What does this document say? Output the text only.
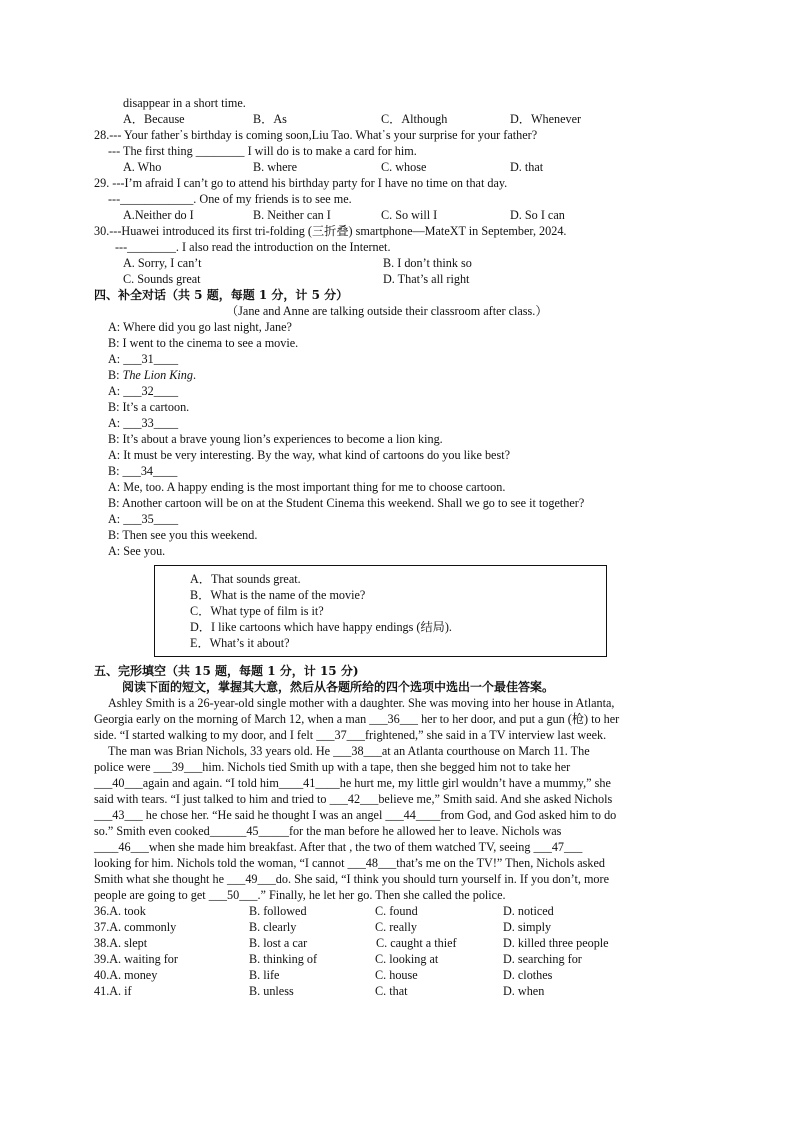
disappear in a short time.
A．Because	B．As	C．Although	D．Whenever
28.--- Your father᾽s birthday is coming soon,Liu Tao. What᾽s your surprise for your father?
--- The first thing ________ I will do is to make a card for him.
A. Who	B. where	C. whose	D. that
29. ---I’m afraid I can’t go to attend his birthday party for I have no time on that day.
---____________. One of my friends is to see me.
A.Neither do I	B. Neither can I	C. So will I	D. So I can
30.---Huawei introduced its first tri-folding (三折叠) smartphone—MateXT in September, 2024.
---________. I also read the introduction on the Internet.
A. Sorry, I can’t	B. I don’t think so
C. Sounds great	D. That’s all right
四、补全对话（共 5 题，每题 1 分，计 5 分）
（Jane and Anne are talking outside their classroom after class.）
A: Where did you go last night, Jane?
B: I went to the cinema to see a movie.
A: ___31____
B: The Lion King.
A: ___32____
B: It’s a cartoon.
A: ___33____
B: It’s about a brave young lion’s experiences to become a lion king.
A: It must be very interesting. By the way, what kind of cartoons do you like best?
B: ___34____
A: Me, too. A happy ending is the most important thing for me to choose cartoon.
B: Another cartoon will be on at the Student Cinema this weekend. Shall we go to see it together?
A: ___35____
B: Then see you this weekend.
A: See you.
A．That sounds great.
B．What is the name of the movie?
C．What type of film is it?
D．I like cartoons which have happy endings (结局).
E．What’s it about?
五、完形填空（共 15 题，每题 1 分，计 15 分)
阅读下面的短文，掌握其大意，然后从各题所给的四个选项中选出一个最佳答案。
Ashley Smith is a 26-year-old single mother with a daughter. She was moving into her house in Atlanta,
Georgia early on the morning of March 12, when a man ___36___ her to her door, and put a gun (枪) to her
side. “I started walking to my door, and I felt ___37___frightened,” she said in a TV interview last week.
The man was Brian Nichols, 33 years old. He ___38___at an Atlanta courthouse on March 11. The
police were ___39___him. Nichols tied Smith up with a tape, then she begged him not to take her
___40___again and again. “I told him____41____he hurt me, my little girl wouldn’t have a mummy,” she
said with tears. “I just talked to him and tried to ___42___believe me,” Smith said. And she asked Nichols
___43___ he chose her. “He said he thought I was an angel ___44____from God, and God asked him to do
so.” Smith even cooked______45_____for the man before he allowed her to leave. Nichols was
____46___when she made him breakfast. After that , the two of them watched TV, seeing ___47___
looking for him. Nichols told the woman, “I cannot ___48___that’s me on the TV!” Then, Nichols asked
Smith what she thought he ___49___do. She said, “I think you should turn yourself in. If you don’t, more
people are going to get ___50___.” Finally, he let her go. Then she called the police.
36.A. took	B. followed	C. found	D. noticed
37.A. commonly	B. clearly	C. really	D. simply
38.A. slept	B. lost a car	C. caught a thief	D. killed three people
39.A. waiting for	B. thinking of	C. looking at	D. searching for
40.A. money	B. life	C. house	D. clothes
41.A. if	B. unless	C. that	D. when
